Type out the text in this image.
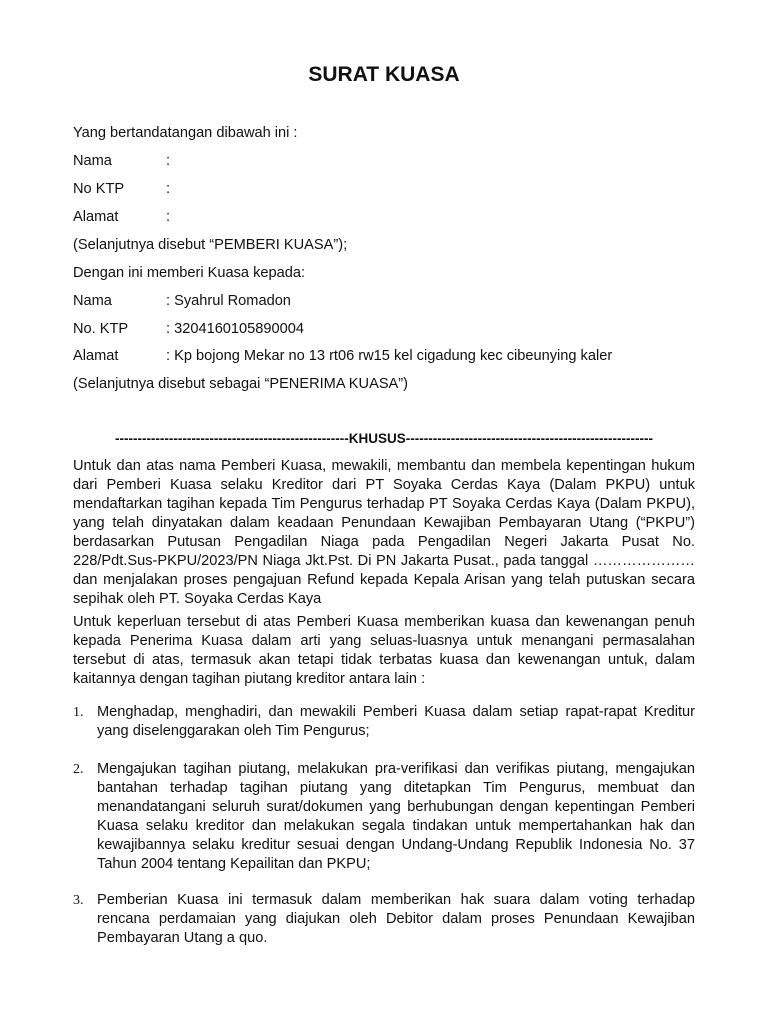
SURAT KUASA
Yang bertandatangan dibawah ini :
Nama	:
No KTP	:
Alamat	:
(Selanjutnya disebut “PEMBERI KUASA”);
Dengan ini memberi Kuasa kepada:
Nama	: Syahrul Romadon
No. KTP	: 3204160105890004
Alamat	: Kp bojong Mekar no 13 rt06 rw15 kel cigadung kec cibeunying kaler
(Selanjutnya disebut sebagai “PENERIMA KUASA”)
----------------------------------------------------KHUSUS-------------------------------------------------------
Untuk dan atas nama Pemberi Kuasa, mewakili, membantu dan membela kepentingan hukum dari Pemberi Kuasa selaku Kreditor dari PT Soyaka Cerdas Kaya (Dalam PKPU) untuk mendaftarkan tagihan kepada Tim Pengurus terhadap PT Soyaka Cerdas Kaya (Dalam PKPU), yang telah dinyatakan dalam keadaan Penundaan Kewajiban Pembayaran Utang (“PKPU”) berdasarkan Putusan Pengadilan Niaga pada Pengadilan Negeri Jakarta Pusat No. 228/Pdt.Sus-PKPU/2023/PN Niaga Jkt.Pst. Di PN Jakarta Pusat., pada tanggal …………………dan menjalakan proses pengajuan Refund kepada Kepala Arisan yang telah putuskan secara sepihak oleh PT. Soyaka Cerdas Kaya
Untuk keperluan tersebut di atas Pemberi Kuasa memberikan kuasa dan kewenangan penuh kepada Penerima Kuasa dalam arti yang seluas-luasnya untuk menangani permasalahan tersebut di atas, termasuk akan tetapi tidak terbatas kuasa dan kewenangan untuk, dalam kaitannya dengan tagihan piutang kreditor antara lain :
1. Menghadap, menghadiri, dan mewakili Pemberi Kuasa dalam setiap rapat-rapat Kreditur yang diselenggarakan oleh Tim Pengurus;
2. Mengajukan tagihan piutang, melakukan pra-verifikasi dan verifikas piutang, mengajukan bantahan terhadap tagihan piutang yang ditetapkan Tim Pengurus, membuat dan menandatangani seluruh surat/dokumen yang berhubungan dengan kepentingan Pemberi Kuasa selaku kreditor dan melakukan segala tindakan untuk mempertahankan hak dan kewajibannya selaku kreditur sesuai dengan Undang-Undang Republik Indonesia No. 37 Tahun 2004 tentang Kepailitan dan PKPU;
3. Pemberian Kuasa ini termasuk dalam memberikan hak suara dalam voting terhadap rencana perdamaian yang diajukan oleh Debitor dalam proses Penundaan Kewajiban Pembayaran Utang a quo.
